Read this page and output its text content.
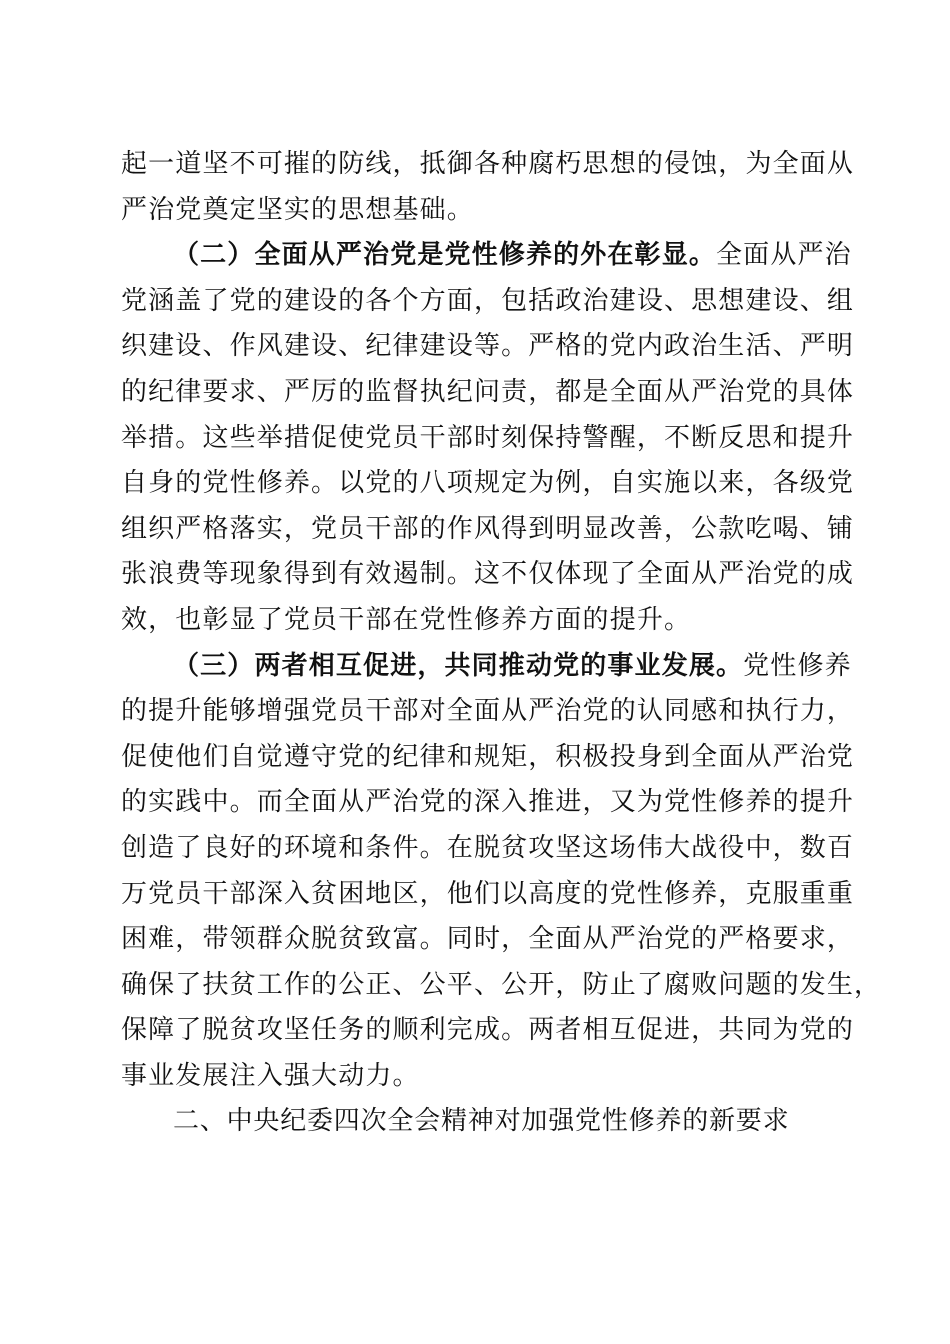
起一道坚不可摧的防线，抵御各种腐朽思想的侵蚀，为全面从
严治党奠定坚实的思想基础。
（二）全面从严治党是党性修养的外在彰显。全面从严治
党涵盖了党的建设的各个方面，包括政治建设、思想建设、组
织建设、作风建设、纪律建设等。严格的党内政治生活、严明
的纪律要求、严厉的监督执纪问责，都是全面从严治党的具体
举措。这些举措促使党员干部时刻保持警醒，不断反思和提升
自身的党性修养。以党的八项规定为例，自实施以来，各级党
组织严格落实，党员干部的作风得到明显改善，公款吃喝、铺
张浪费等现象得到有效遏制。这不仅体现了全面从严治党的成
效，也彰显了党员干部在党性修养方面的提升。
（三）两者相互促进，共同推动党的事业发展。党性修养
的提升能够增强党员干部对全面从严治党的认同感和执行力，
促使他们自觉遵守党的纪律和规矩，积极投身到全面从严治党
的实践中。而全面从严治党的深入推进，又为党性修养的提升
创造了良好的环境和条件。在脱贫攻坚这场伟大战役中，数百
万党员干部深入贫困地区，他们以高度的党性修养，克服重重
困难，带领群众脱贫致富。同时，全面从严治党的严格要求，
确保了扶贫工作的公正、公平、公开，防止了腐败问题的发生，
保障了脱贫攻坚任务的顺利完成。两者相互促进，共同为党的
事业发展注入强大动力。
二、中央纪委四次全会精神对加强党性修养的新要求
